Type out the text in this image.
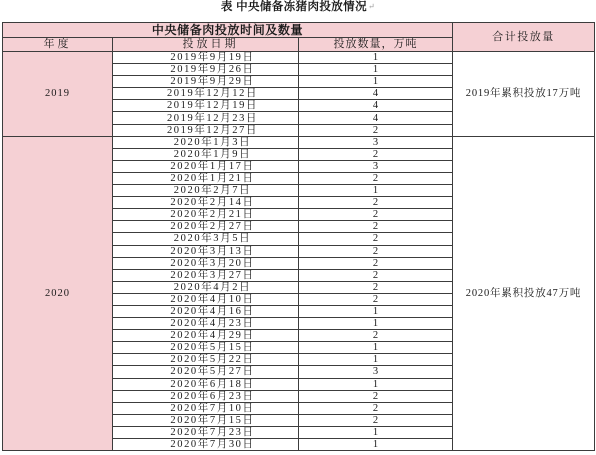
表 中央储备冻猪肉投放情况↵
中央储备肉投放时间及数量	合计投放量
年度	投放日期	投放数量，万吨
2019
2019年9月19日	1
2019年9月26日	1
2019年9月29日	1
2019年12月12日	4
2019年12月19日	4
2019年12月23日	4
2019年12月27日	2
2019年累积投放17万吨
2020
2020年1月3日	3
2020年1月9日	2
2020年1月17日	3
2020年1月21日	2
2020年2月7日	1
2020年2月14日	2
2020年2月21日	2
2020年2月27日	2
2020年3月5日	2
2020年3月13日	2
2020年3月20日	2
2020年3月27日	2
2020年4月2日	2
2020年4月10日	2
2020年4月16日	1
2020年4月23日	1
2020年4月29日	2
2020年5月15日	1
2020年5月22日	1
2020年5月27日	3
2020年6月18日	1
2020年6月23日	2
2020年7月10日	2
2020年7月15日	2
2020年7月23日	1
2020年7月30日	1
2020年累积投放47万吨
